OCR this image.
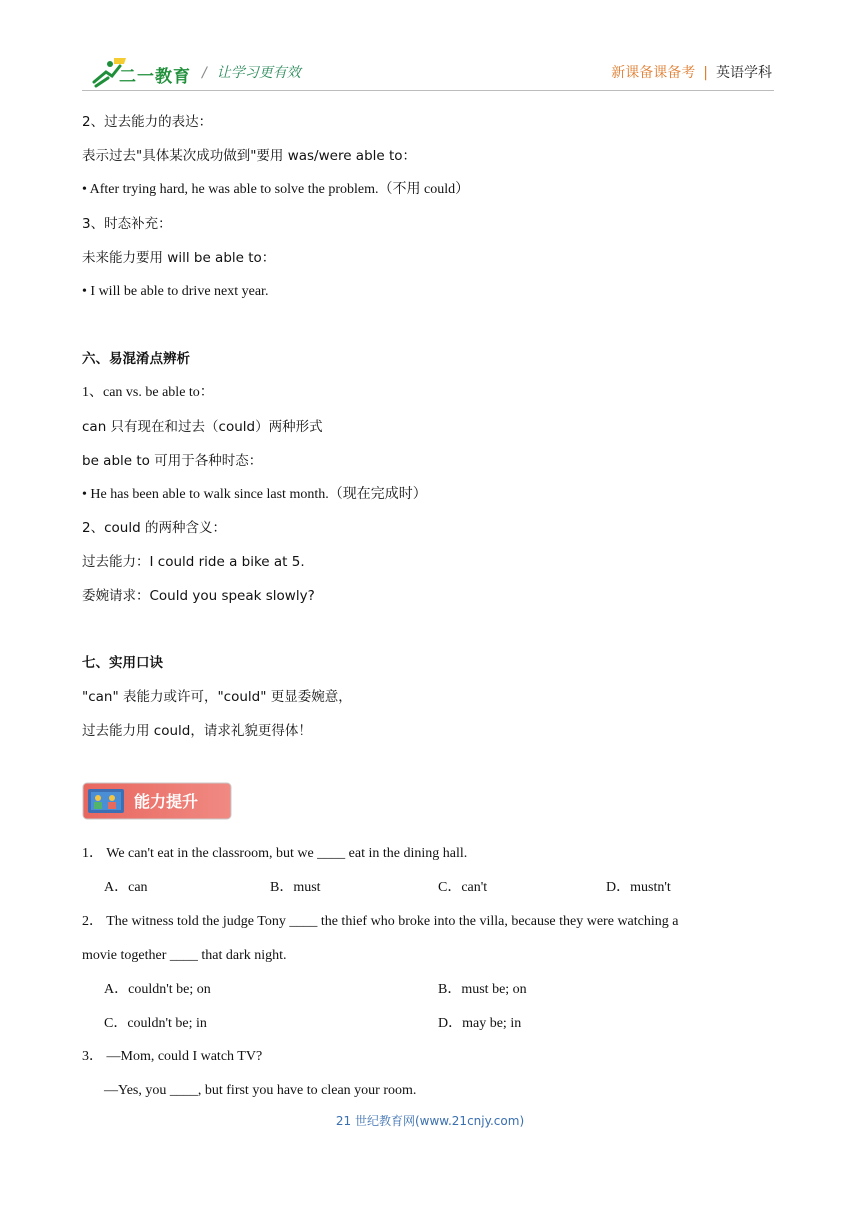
二一教育 / 让学习更有效	新课备课备考 | 英语学科
2、过去能力的表达：
表示过去"具体某次成功做到"要用 was/were able to：
• After trying hard, he was able to solve the problem.（不用 could）
3、时态补充：
未来能力要用 will be able to：
• I will be able to drive next year.
六、易混淆点辨析
1、can vs. be able to：
can 只有现在和过去（could）两种形式
be able to 可用于各种时态：
• He has been able to walk since last month.（现在完成时）
2、could 的两种含义：
过去能力：I could ride a bike at 5.
委婉请求：Could you speak slowly?
七、实用口诀
"can" 表能力或许可，"could" 更显委婉意，
过去能力用 could，请求礼貌更得体！
能力提升
1． We can't eat in the classroom, but we ____ eat in the dining hall.
A．can	B．must	C．can't	D．mustn't
2． The witness told the judge Tony ____ the thief who broke into the villa, because they were watching a
movie together ____ that dark night.
A．couldn't be; on	B．must be; on
C．couldn't be; in	D．may be; in
3． —Mom, could I watch TV?
—Yes, you ____, but first you have to clean your room.
21 世纪教育网(www.21cnjy.com)
